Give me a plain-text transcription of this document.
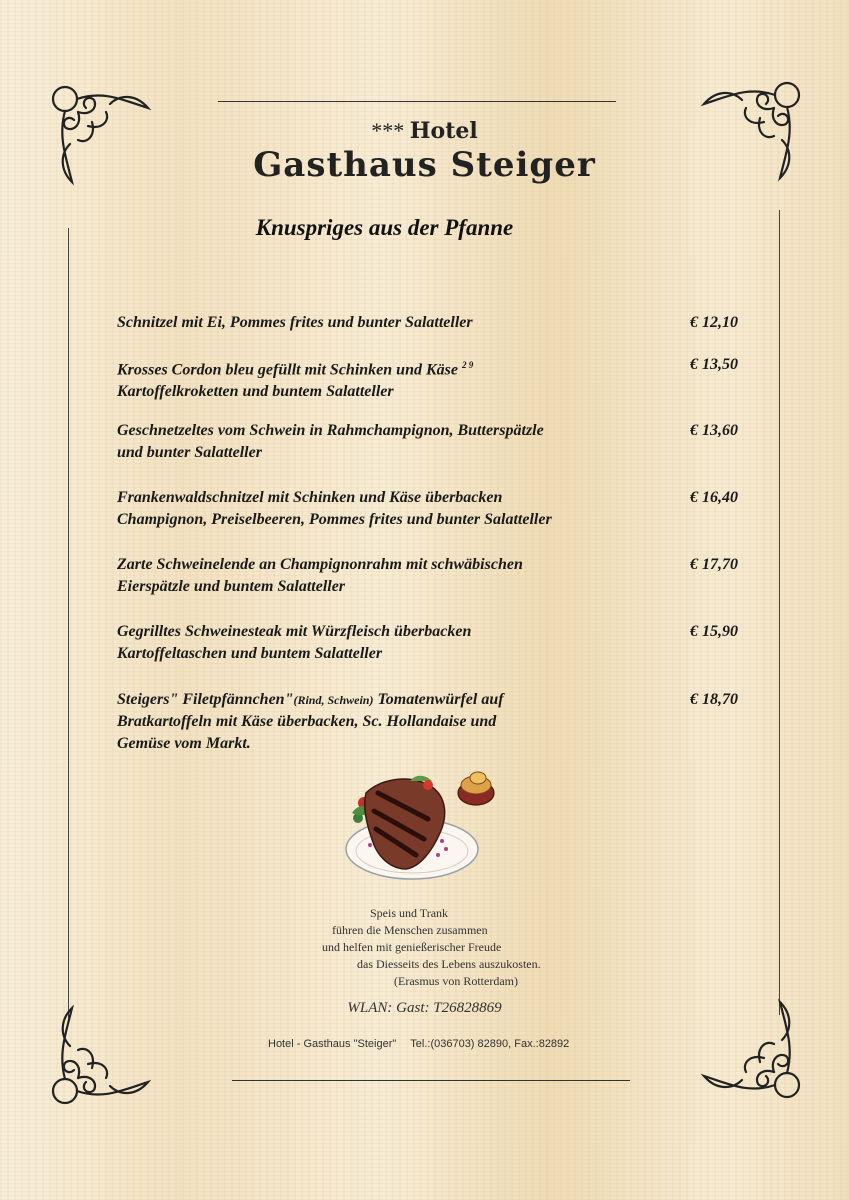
*** Hotel
Gasthaus Steiger
Knuspriges aus der Pfanne
Schnitzel mit Ei, Pommes frites und bunter Salatteller	€ 12,10
Krosses Cordon bleu gefüllt mit Schinken und Käse $^{2 9}$
Kartoffelkroketten und buntem Salatteller
€ 13,50
Geschnetzeltes vom Schwein in Rahmchampignon, Butterspätzle
und bunter Salatteller
€ 13,60
Frankenwaldschnitzel mit Schinken und Käse überbacken
Champignon, Preiselbeeren, Pommes frites und bunter Salatteller
€ 16,40
Zarte Schweinelende an Champignonrahm mit schwäbischen
Eierspätzle und buntem Salatteller
€ 17,70
Gegrilltes Schweinesteak mit Würzfleisch überbacken
Kartoffeltaschen und buntem Salatteller
€ 15,90
Steigers" Filetpfännchen"(Rind, Schwein) Tomatenwürfel auf
Bratkartoffeln mit Käse überbacken, Sc. Hollandaise und
Gemüse vom Markt.
€ 18,70
Speis und Trank
führen die Menschen zusammen
und helfen mit genießerischer Freude
das Diesseits des Lebens auszukosten.
(Erasmus von Rotterdam)
WLAN: Gast: T26828869
Hotel - Gasthaus "Steiger" Tel.:(036703) 82890, Fax.:82892
